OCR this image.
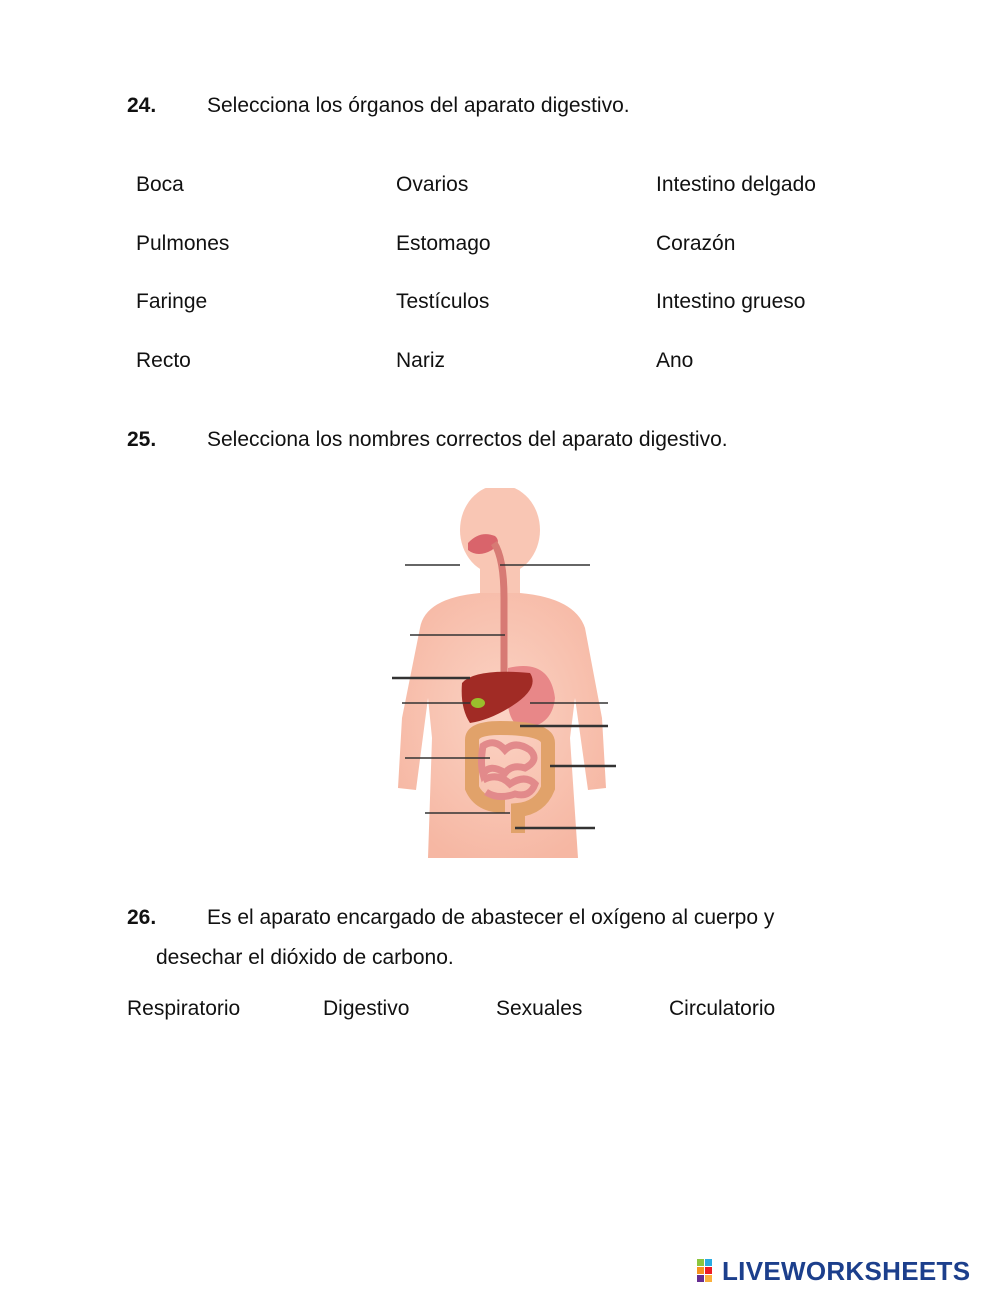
24. Selecciona los órganos del aparato digestivo.
Boca	Ovarios	Intestino delgado
Pulmones	Estomago	Corazón
Faringe	Testículos	Intestino grueso
Recto	Nariz	Ano
25. Selecciona los nombres correctos del aparato digestivo.
26. Es el aparato encargado de abastecer el oxígeno al cuerpo y
desechar el dióxido de carbono.
Respiratorio	Digestivo	Sexuales	Circulatorio
LIVEWORKSHEETS
